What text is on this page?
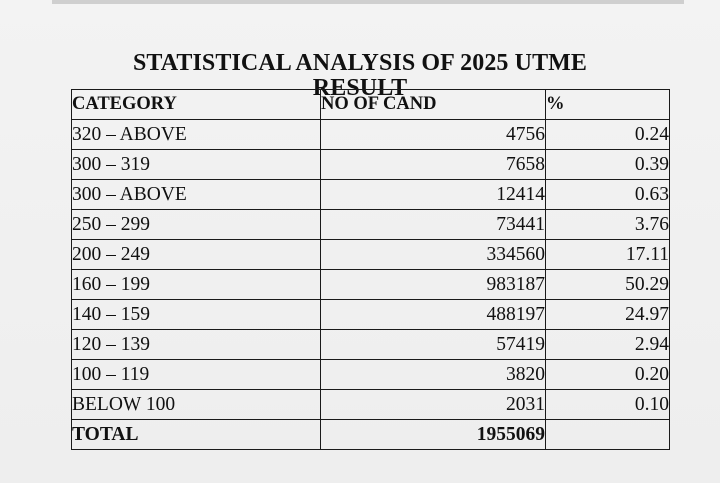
STATISTICAL ANALYSIS OF 2025 UTME
RESULT
CATEGORY	NO OF CAND	%
320 – ABOVE	4756	0.24
300 – 319	7658	0.39
300 – ABOVE	12414	0.63
250 – 299	73441	3.76
200 – 249	334560	17.11
160 – 199	983187	50.29
140 – 159	488197	24.97
120 – 139	57419	2.94
100 – 119	3820	0.20
BELOW 100	2031	0.10
TOTAL	1955069	
